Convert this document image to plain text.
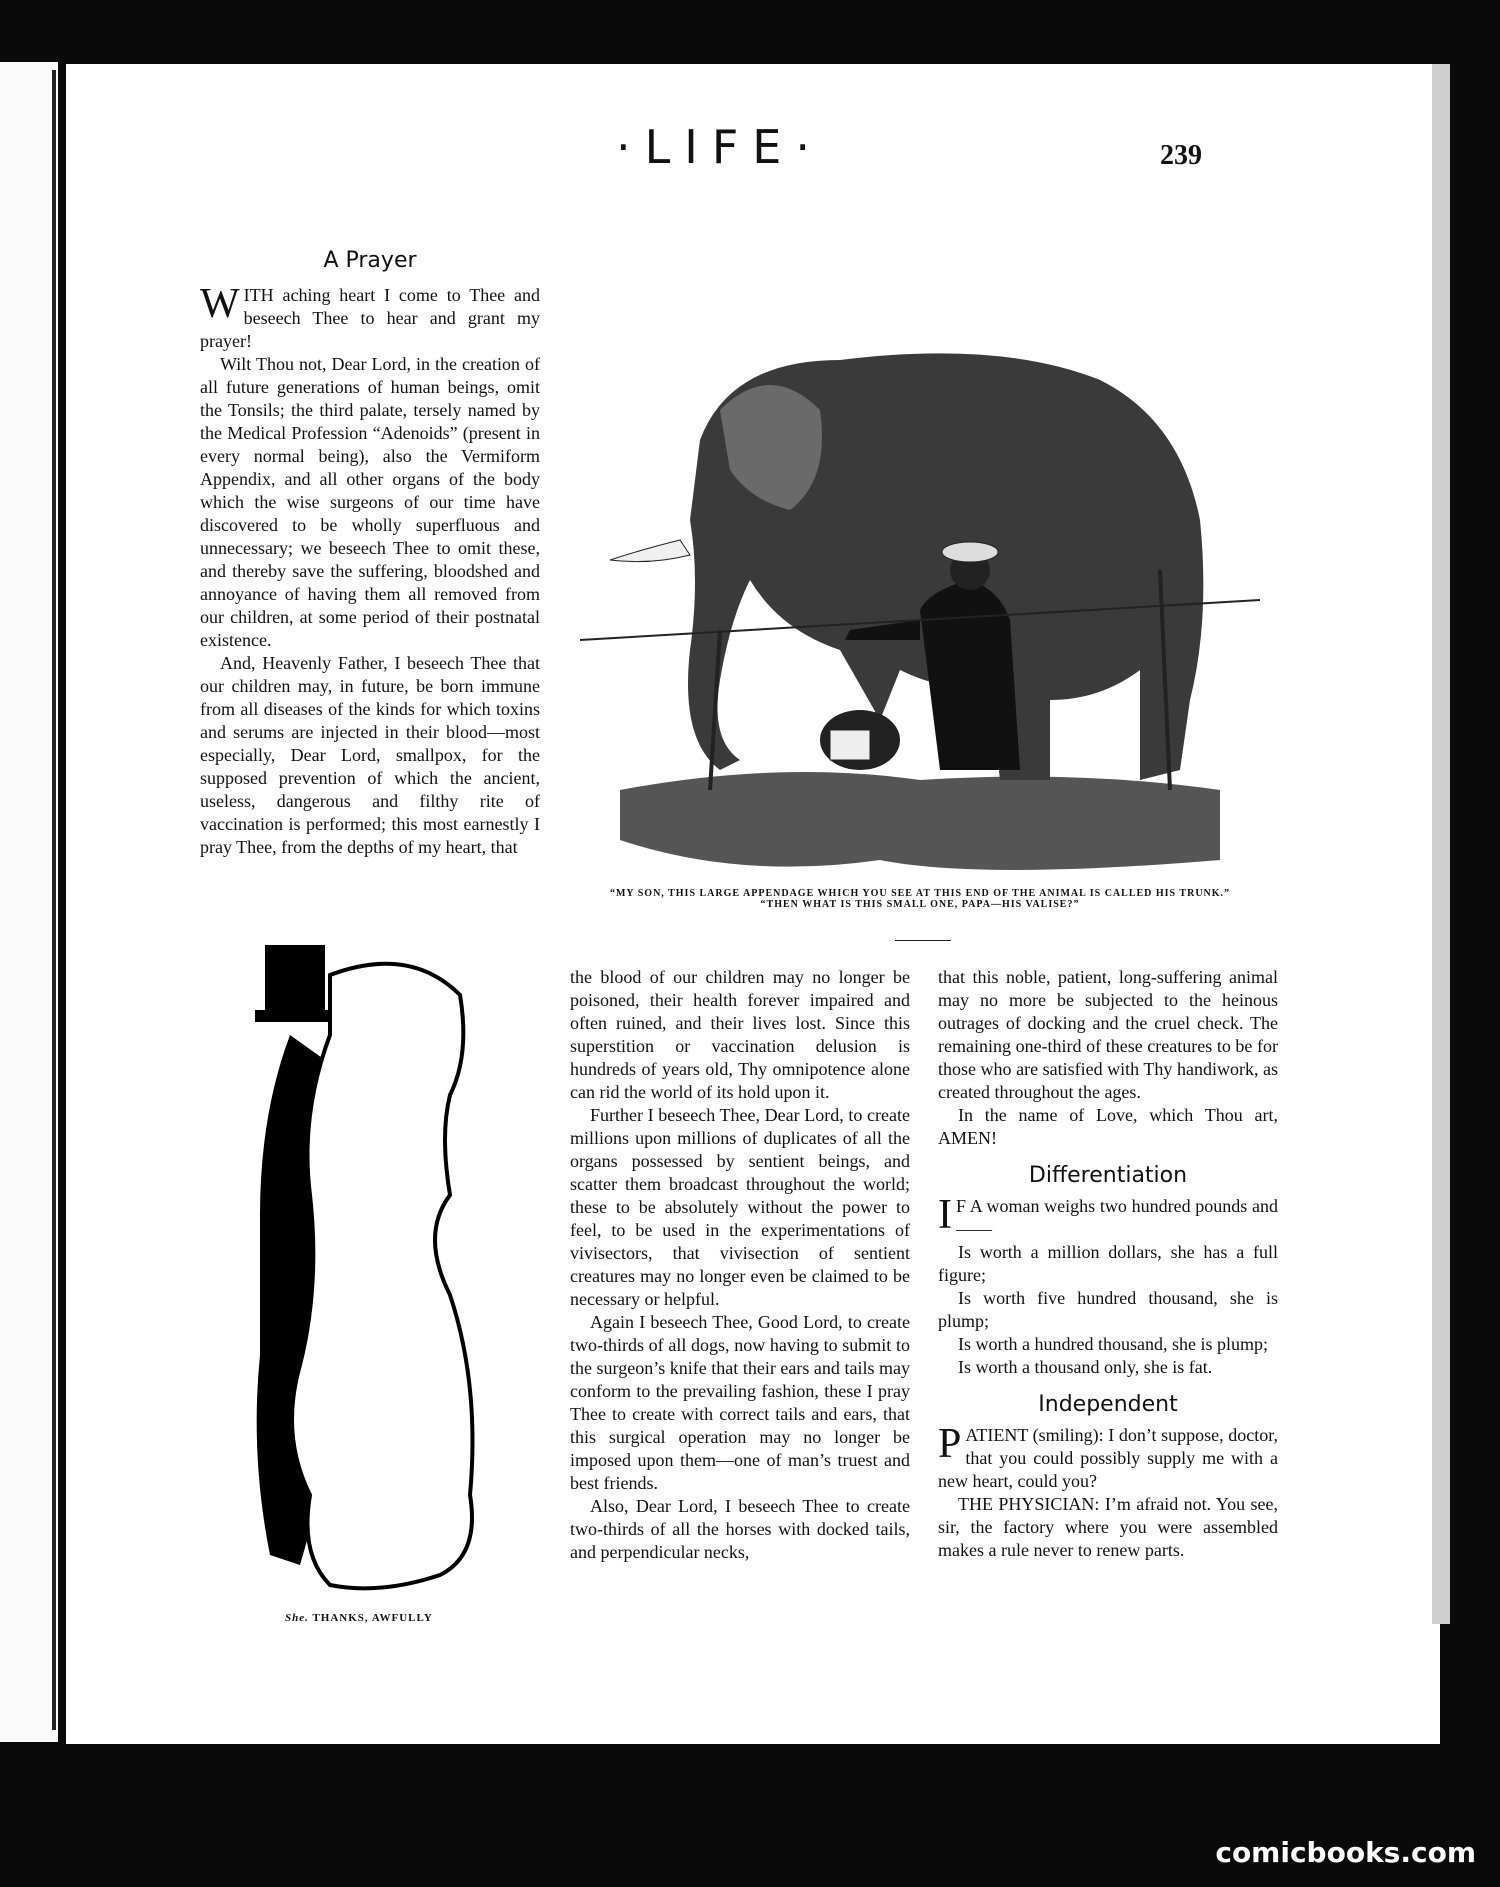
·LIFE·	239
A Prayer

WITH aching heart I come to Thee and beseech Thee to hear and grant my prayer!

Wilt Thou not, Dear Lord, in the creation of all future generations of human beings, omit the Tonsils; the third palate, tersely named by the Medical Profession “Adenoids” (present in every normal being), also the Vermiform Appendix, and all other organs of the body which the wise surgeons of our time have discovered to be wholly superfluous and unnecessary; we beseech Thee to omit these, and thereby save the suffering, bloodshed and annoyance of having them all removed from our children, at some period of their postnatal existence.

And, Heavenly Father, I beseech Thee that our children may, in future, be born immune from all diseases of the kinds for which toxins and serums are injected in their blood—most especially, Dear Lord, smallpox, for the supposed prevention of which the ancient, useless, dangerous and filthy rite of vaccination is performed; this most earnestly I pray Thee, from the depths of my heart, that

“MY SON, THIS LARGE APPENDAGE WHICH YOU SEE AT THIS END OF THE ANIMAL IS CALLED HIS TRUNK.”
“THEN WHAT IS THIS SMALL ONE, PAPA—HIS VALISE?”
She. THANKS, AWFULLY

the blood of our children may no longer be poisoned, their health forever impaired and often ruined, and their lives lost. Since this superstition or vaccination delusion is hundreds of years old, Thy omnipotence alone can rid the world of its hold upon it.

Further I beseech Thee, Dear Lord, to create millions upon millions of duplicates of all the organs possessed by sentient beings, and scatter them broadcast throughout the world; these to be absolutely without the power to feel, to be used in the experimentations of vivisectors, that vivisection of sentient creatures may no longer even be claimed to be necessary or helpful.

Again I beseech Thee, Good Lord, to create two-thirds of all dogs, now having to submit to the surgeon’s knife that their ears and tails may conform to the prevailing fashion, these I pray Thee to create with correct tails and ears, that this surgical operation may no longer be imposed upon them—one of man’s truest and best friends.

Also, Dear Lord, I beseech Thee to create two-thirds of all the horses with docked tails, and perpendicular necks,

that this noble, patient, long-suffering animal may no more be subjected to the heinous outrages of docking and the cruel check. The remaining one-third of these creatures to be for those who are satisfied with Thy handiwork, as created throughout the ages.

In the name of Love, which Thou art, AMEN!

Differentiation

I F A woman weighs two hundred pounds and——

Is worth a million dollars, she has a full figure;

Is worth five hundred thousand, she is plump;

Is worth a hundred thousand, she is plump;

Is worth a thousand only, she is fat.

Independent

PATIENT (smiling): I don’t suppose, doctor, that you could possibly supply me with a new heart, could you?

THE PHYSICIAN: I’m afraid not. You see, sir, the factory where you were assembled makes a rule never to renew parts.

comicbooks.com
